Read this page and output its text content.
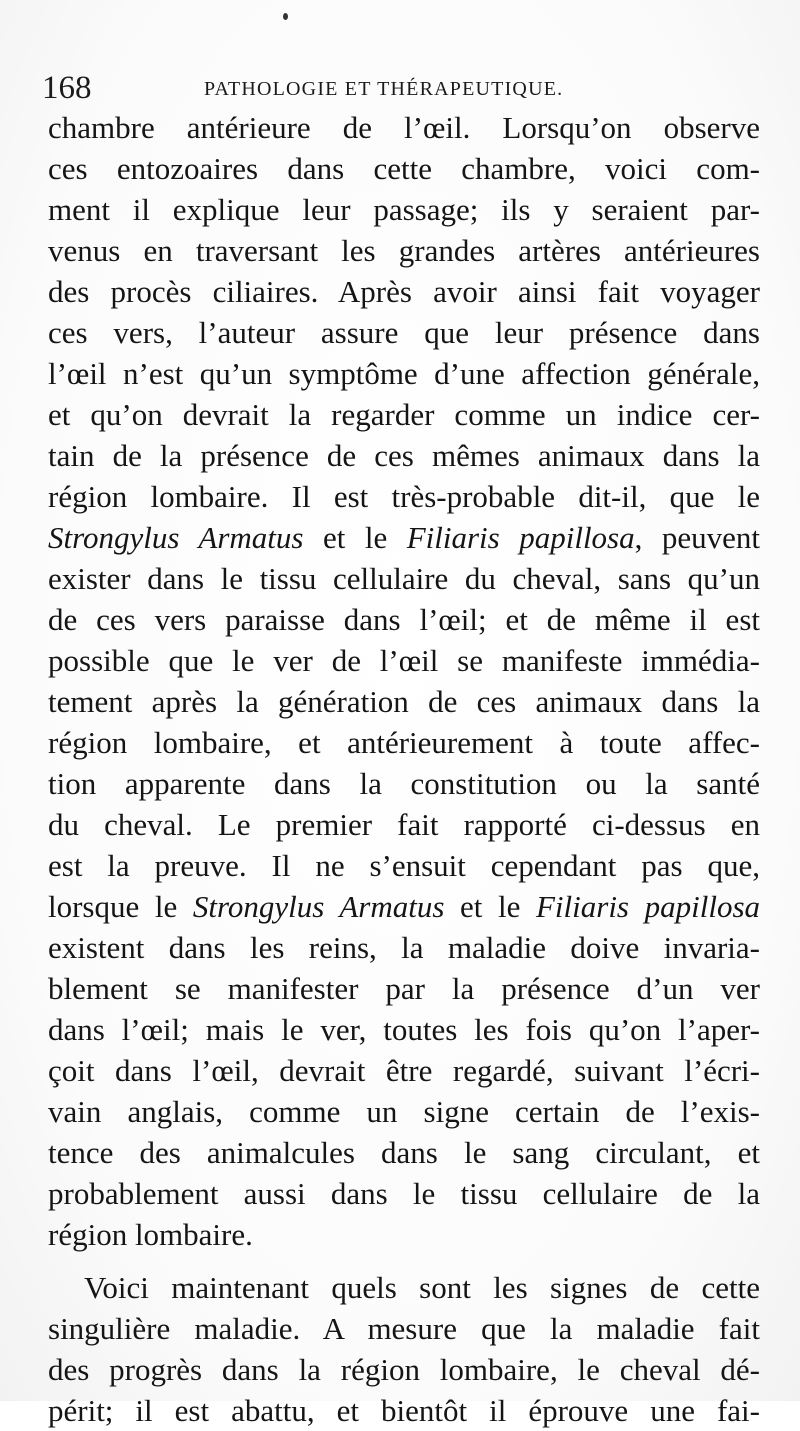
168	PATHOLOGIE ET THÉRAPEUTIQUE.
chambre antérieure de l’œil. Lorsqu’on observe
ces entozoaires dans cette chambre, voici com-
ment il explique leur passage; ils y seraient par-
venus en traversant les grandes artères antérieures
des procès ciliaires. Après avoir ainsi fait voyager
ces vers, l’auteur assure que leur présence dans
l’œil n’est qu’un symptôme d’une affection générale,
et qu’on devrait la regarder comme un indice cer-
tain de la présence de ces mêmes animaux dans la
région lombaire. Il est très-probable dit-il, que le
Strongylus Armatus et le Filiaris papillosa, peuvent
exister dans le tissu cellulaire du cheval, sans qu’un
de ces vers paraisse dans l’œil; et de même il est
possible que le ver de l’œil se manifeste immédia-
tement après la génération de ces animaux dans la
région lombaire, et antérieurement à toute affec-
tion apparente dans la constitution ou la santé
du cheval. Le premier fait rapporté ci-dessus en
est la preuve. Il ne s’ensuit cependant pas que,
lorsque le Strongylus Armatus et le Filiaris papillosa
existent dans les reins, la maladie doive invaria-
blement se manifester par la présence d’un ver
dans l’œil; mais le ver, toutes les fois qu’on l’aper-
çoit dans l’œil, devrait être regardé, suivant l’écri-
vain anglais, comme un signe certain de l’exis-
tence des animalcules dans le sang circulant, et
probablement aussi dans le tissu cellulaire de la
région lombaire.
Voici maintenant quels sont les signes de cette
singulière maladie. A mesure que la maladie fait
des progrès dans la région lombaire, le cheval dé-
périt; il est abattu, et bientôt il éprouve une fai-
